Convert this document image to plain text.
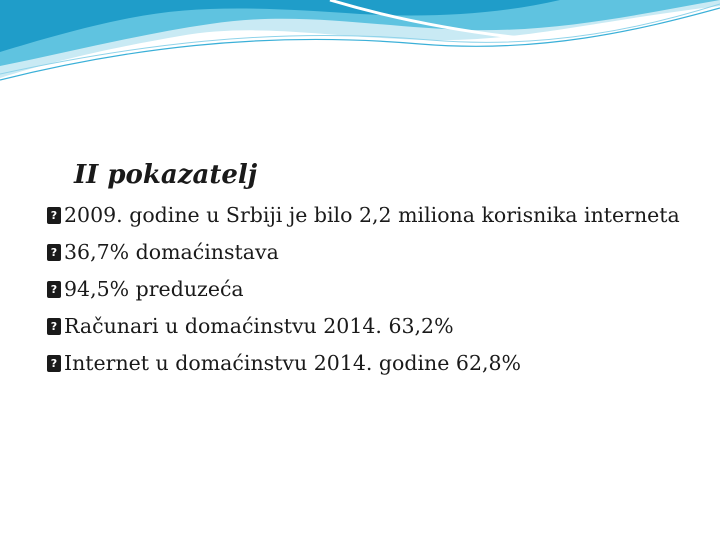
II pokazatelj
? 2009. godine u Srbiji je bilo 2,2 miliona korisnika interneta
? 36,7% domaćinstava
? 94,5% preduzeća
? Računari u domaćinstvu 2014. 63,2%
? Internet u domaćinstvu 2014. godine 62,8%
